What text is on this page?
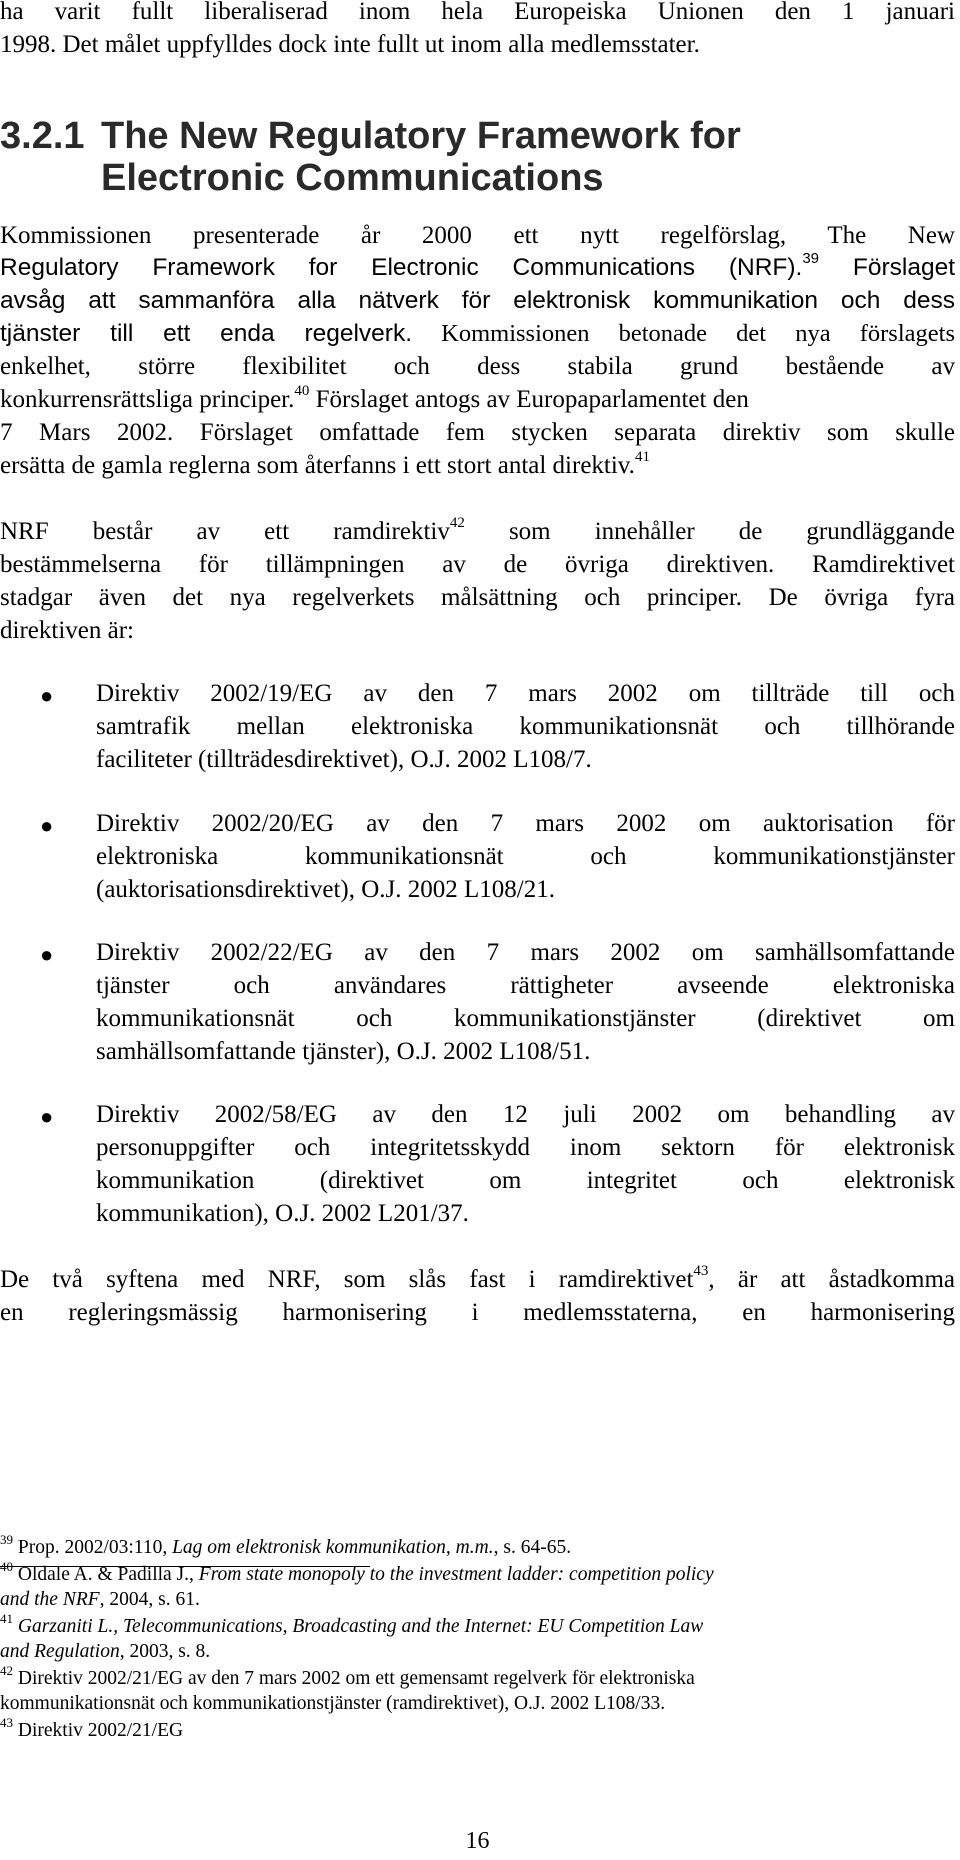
ha varit fullt liberaliserad inom hela Europeiska Unionen den 1 januari
1998. Det målet uppfylldes dock inte fullt ut inom alla medlemsstater.
3.2.1 The New Regulatory Framework for
Electronic Communications
Kommissionen presenterade år 2000 ett nytt regelförslag, The New
Regulatory Framework for Electronic Communications (NRF).$^{39}$ Förslaget
avsåg att sammanföra alla nätverk för elektronisk kommunikation och dess
tjänster till ett enda regelverk. Kommissionen betonade det nya förslagets
enkelhet, större flexibilitet och dess stabila grund bestående av
konkurrensrättsliga principer.$^{40}$ Förslaget antogs av Europaparlamentet den
7 Mars 2002. Förslaget omfattade fem stycken separata direktiv som skulle
ersätta de gamla reglerna som återfanns i ett stort antal direktiv.$^{41}$
NRF består av ett ramdirektiv$^{42}$ som innehåller de grundläggande
bestämmelserna för tillämpningen av de övriga direktiven. Ramdirektivet
stadgar även det nya regelverkets målsättning och principer. De övriga fyra
direktiven är:
● Direktiv 2002/19/EG av den 7 mars 2002 om tillträde till och
samtrafik mellan elektroniska kommunikationsnät och tillhörande
faciliteter (tillträdesdirektivet), O.J. 2002 L108/7.
● Direktiv 2002/20/EG av den 7 mars 2002 om auktorisation för
elektroniska kommunikationsnät och kommunikationstjänster
(auktorisationsdirektivet), O.J. 2002 L108/21.
● Direktiv 2002/22/EG av den 7 mars 2002 om samhällsomfattande
tjänster och användares rättigheter avseende elektroniska
kommunikationsnät och kommunikationstjänster (direktivet om
samhällsomfattande tjänster), O.J. 2002 L108/51.
● Direktiv 2002/58/EG av den 12 juli 2002 om behandling av
personuppgifter och integritetsskydd inom sektorn för elektronisk
kommunikation (direktivet om integritet och elektronisk
kommunikation), O.J. 2002 L201/37.
De två syftena med NRF, som slås fast i ramdirektivet$^{43}$, är att åstadkomma
en regleringsmässig harmonisering i medlemsstaterna, en harmonisering
$^{39}$ Prop. 2002/03:110, Lag om elektronisk kommunikation, m.m., s. 64-65.
$^{40}$ Oldale A. & Padilla J., From state monopoly to the investment ladder: competition policy
and the NRF, 2004, s. 61.
$^{41}$ Garzaniti L., Telecommunications, Broadcasting and the Internet: EU Competition Law
and Regulation, 2003, s. 8.
$^{42}$ Direktiv 2002/21/EG av den 7 mars 2002 om ett gemensamt regelverk för elektroniska
kommunikationsnät och kommunikationstjänster (ramdirektivet), O.J. 2002 L108/33.
$^{43}$ Direktiv 2002/21/EG
16
